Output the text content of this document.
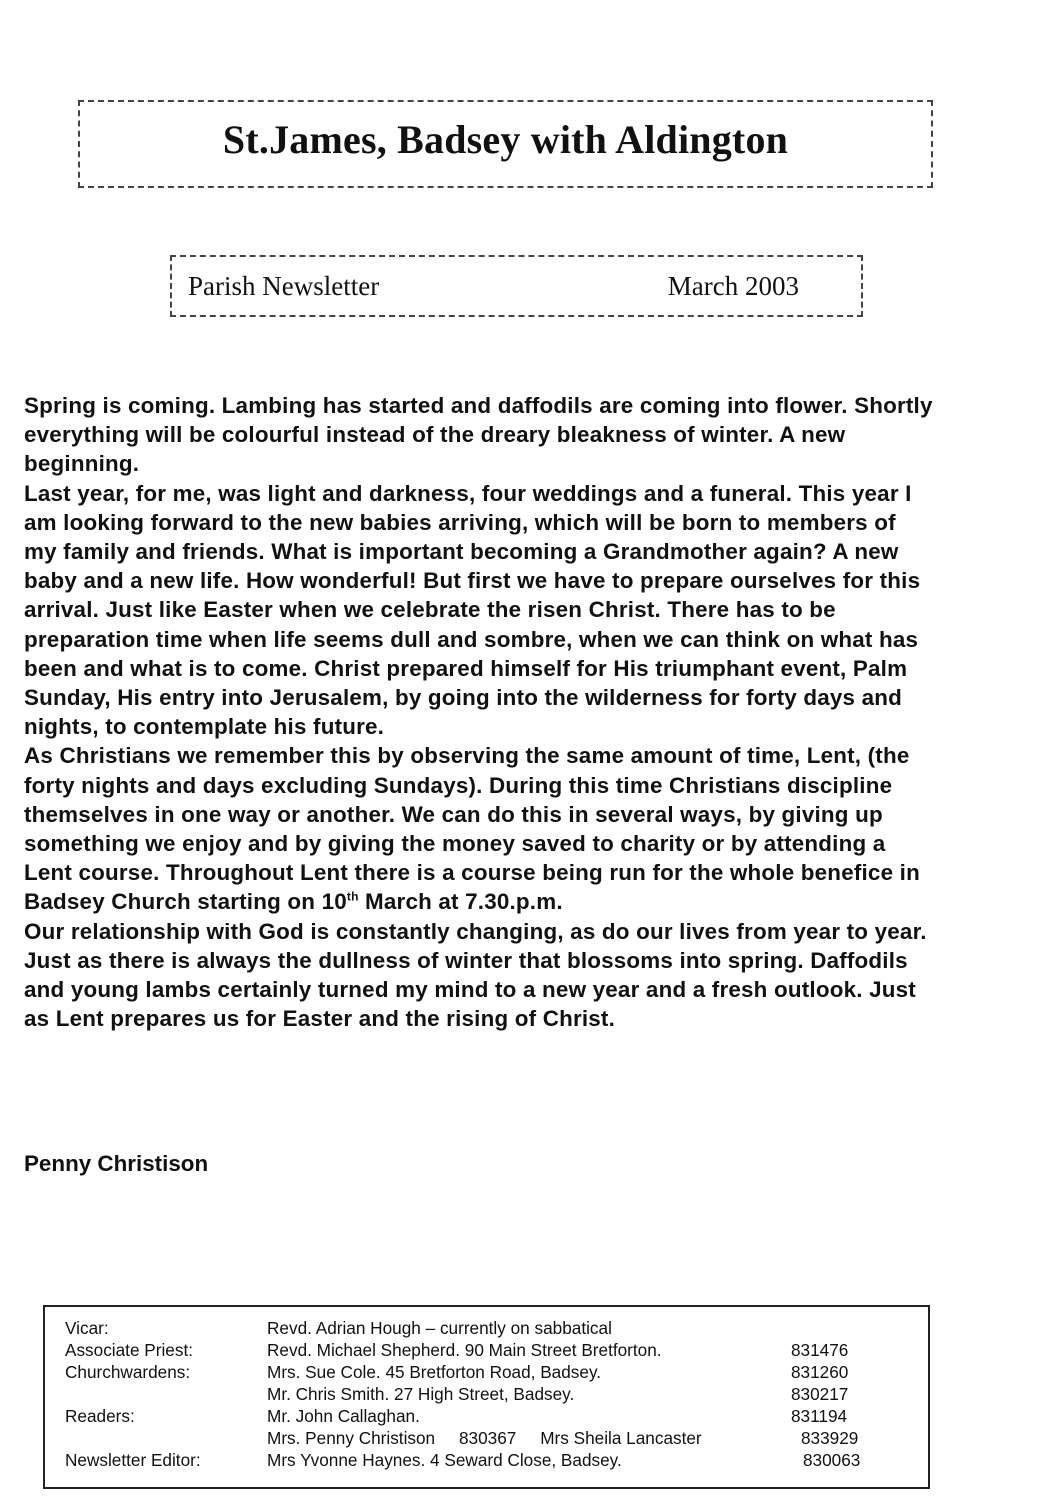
St.James, Badsey with Aldington
Parish Newsletter	March 2003

Spring is coming. Lambing has started and daffodils are coming into flower. Shortly everything will be colourful instead of the dreary bleakness of winter. A new beginning.

Last year, for me, was light and darkness, four weddings and a funeral. This year I am looking forward to the new babies arriving, which will be born to members of my family and friends. What is important becoming a Grandmother again? A new baby and a new life. How wonderful! But first we have to prepare ourselves for this arrival. Just like Easter when we celebrate the risen Christ. There has to be preparation time when life seems dull and sombre, when we can think on what has been and what is to come. Christ prepared himself for His triumphant event, Palm Sunday, His entry into Jerusalem, by going into the wilderness for forty days and nights, to contemplate his future.

As Christians we remember this by observing the same amount of time, Lent, (the forty nights and days excluding Sundays). During this time Christians discipline themselves in one way or another. We can do this in several ways, by giving up something we enjoy and by giving the money saved to charity or by attending a Lent course. Throughout Lent there is a course being run for the whole benefice in Badsey Church starting on 10th March at 7.30.p.m.

Our relationship with God is constantly changing, as do our lives from year to year. Just as there is always the dullness of winter that blossoms into spring. Daffodils and young lambs certainly turned my mind to a new year and a fresh outlook. Just as Lent prepares us for Easter and the rising of Christ.

Penny Christison
Vicar:	Revd. Adrian Hough – currently on sabbatical
Associate Priest:	Revd. Michael Shepherd. 90 Main Street Bretforton.	831476
Churchwardens:	Mrs. Sue Cole. 45 Bretforton Road, Badsey.	831260
Mr. Chris Smith. 27 High Street, Badsey.	830217
Readers:	Mr. John Callaghan.	831194
Mrs. Penny Christison     830367     Mrs Sheila Lancaster	833929
Newsletter Editor:	Mrs Yvonne Haynes. 4 Seward Close, Badsey.	830063
